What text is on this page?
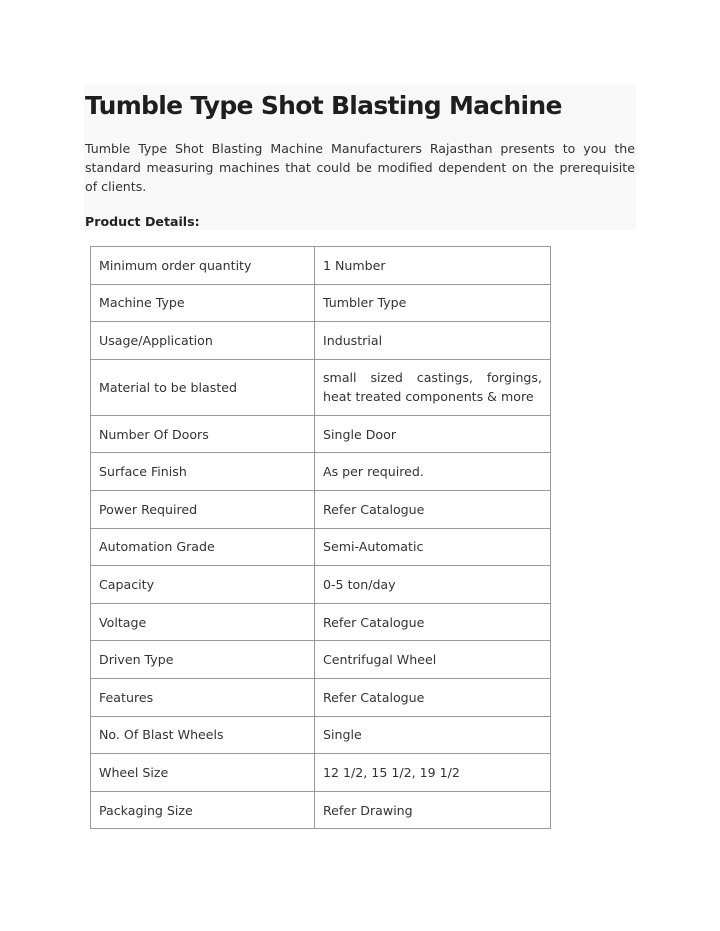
Tumble Type Shot Blasting Machine

Tumble Type Shot Blasting Machine Manufacturers Rajasthan presents to you the standard measuring machines that could be modified dependent on the prerequisite of clients.

Product Details:
Minimum order quantity	1 Number
Machine Type	Tumbler Type
Usage/Application	Industrial
Material to be blasted	small sized castings, forgings, heat treated components & more
Number Of Doors	Single Door
Surface Finish	As per required.
Power Required	Refer Catalogue
Automation Grade	Semi-Automatic
Capacity	0-5 ton/day
Voltage	Refer Catalogue
Driven Type	Centrifugal Wheel
Features	Refer Catalogue
No. Of Blast Wheels	Single
Wheel Size	12 1/2, 15 1/2, 19 1/2
Packaging Size	Refer Drawing
